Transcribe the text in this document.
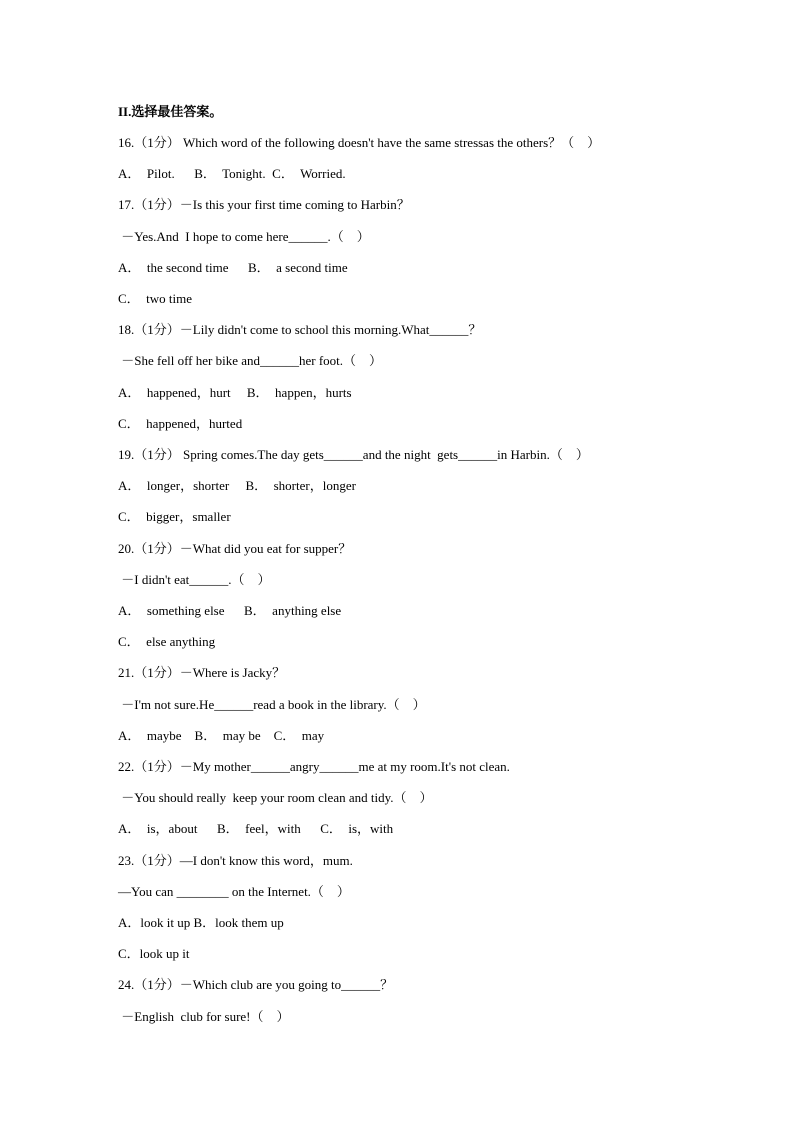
II.选择最佳答案。
16.（1分） Which word of the following doesn't have the same stressas the others？（　）
A．  Pilot.      B．  Tonight.  C．  Worried.
17.（1分）－Is this your first time coming to Harbin？
－Yes.And  I hope to come here______.（　）
A．  the second time      B．  a second time
C．  two time
18.（1分）－Lily didn't come to school this morning.What______？
－She fell off her bike and______her foot.（　）
A．  happened，hurt     B．  happen，hurts
C．  happened，hurted
19.（1分） Spring comes.The day gets______and the night  gets______in Harbin.（　）
A．  longer，shorter     B．  shorter，longer
C．  bigger，smaller
20.（1分）－What did you eat for supper？
－I didn't eat______.（　）
A．  something else      B．  anything else
C．  else anything
21.（1分）－Where is Jacky？
－I'm not sure.He______read a book in the library.（　）
A．  maybe    B．  may be    C．  may
22.（1分）－My mother______angry______me at my room.It's not clean.
－You should really  keep your room clean and tidy.（　）
A．  is，about      B．  feel，with      C．  is，with
23.（1分）—I don't know this word，mum.
—You can ________ on the Internet.（　）
A．look it up B．look them up
C．look up it
24.（1分）－Which club are you going to______？
－English  club for sure!（　）
